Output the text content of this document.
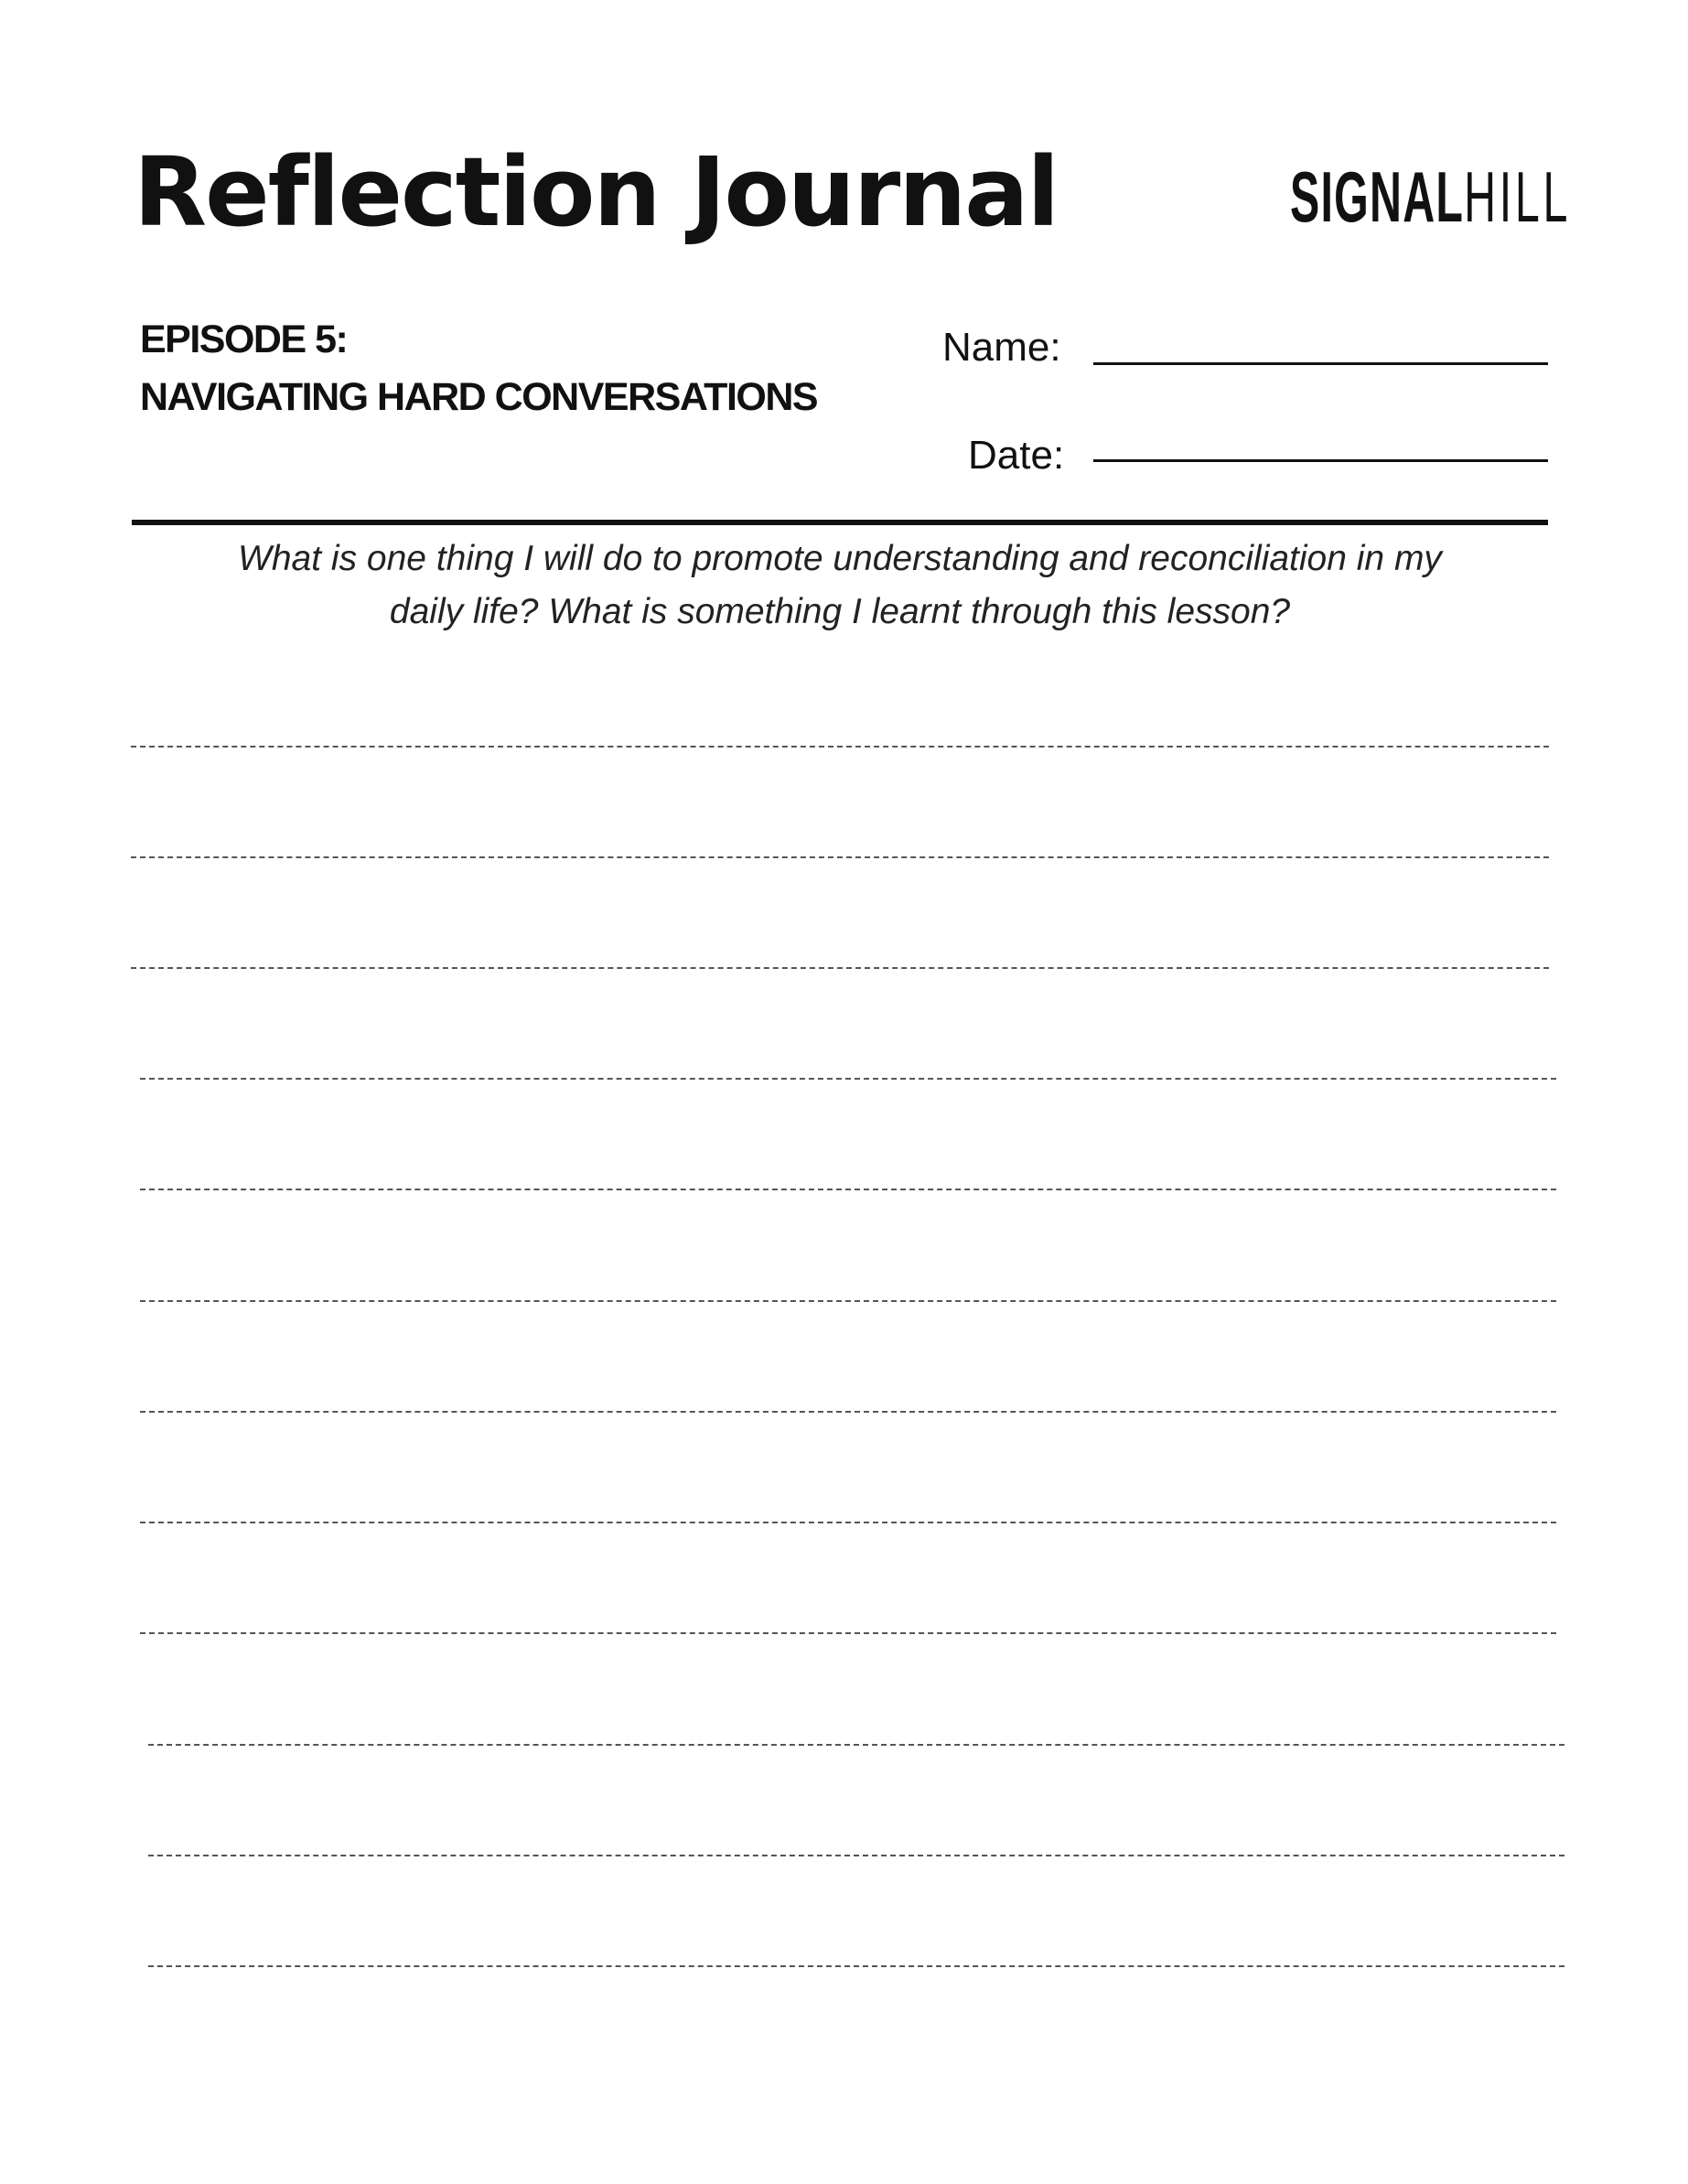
Reflection Journal	SIGNALHILL
EPISODE 5:
NAVIGATING HARD CONVERSATIONS
Name:
Date:
What is one thing I will do to promote understanding and reconciliation in my
daily life? What is something I learnt through this lesson?
